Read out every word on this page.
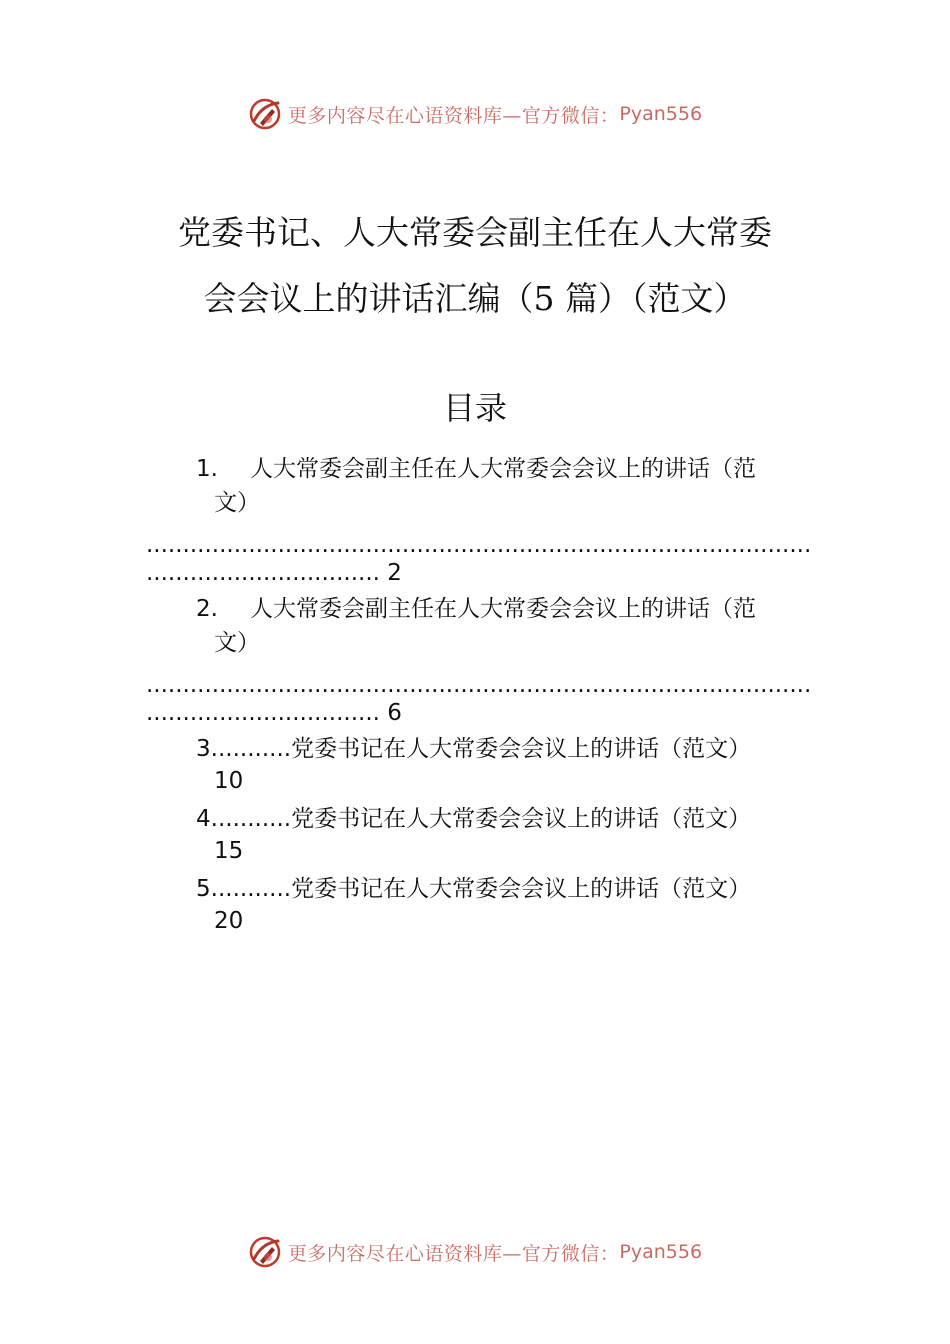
更多内容尽在心语资料库—官方微信： Pyan556
党委书记、人大常委会副主任在人大常委
会会议上的讲话汇编（5 篇）（范文）
目录
1. 人大常委会副主任在人大常委会会议上的讲话（范
文）
...........................................................................................
................................ 2
2. 人大常委会副主任在人大常委会会议上的讲话（范
文）
...........................................................................................
................................ 6
3...........党委书记在人大常委会会议上的讲话（范文）
10
4...........党委书记在人大常委会会议上的讲话（范文）
15
5...........党委书记在人大常委会会议上的讲话（范文）
20
更多内容尽在心语资料库—官方微信： Pyan556
